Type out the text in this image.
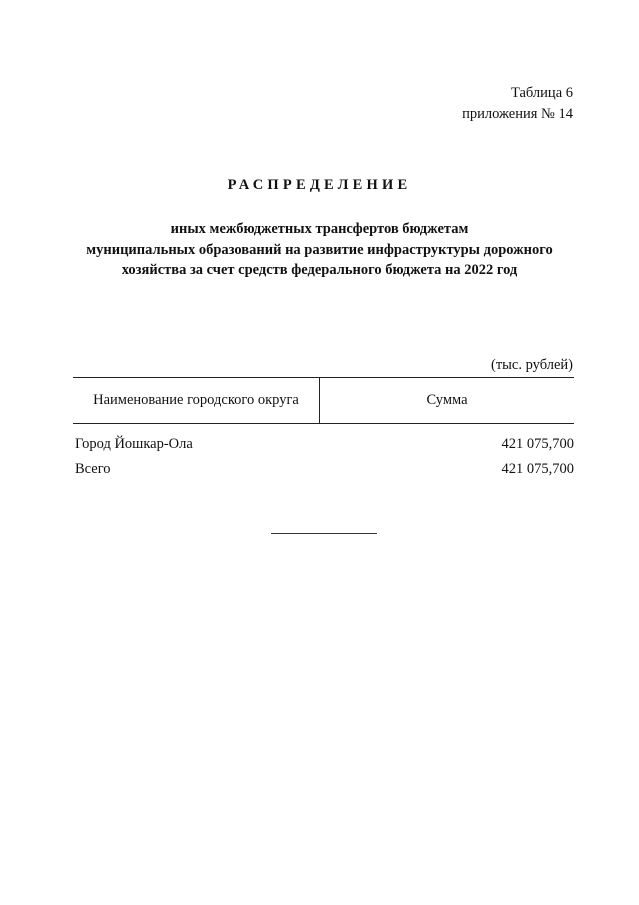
Таблица 6
приложения № 14
РАСПРЕДЕЛЕНИЕ
иных межбюджетных трансфертов бюджетам
муниципальных образований на развитие инфраструктуры дорожного
хозяйства за счет средств федерального бюджета на 2022 год
(тыс. рублей)
Наименование городского округа	Сумма
Город Йошкар-Ола	421 075,700
Всего	421 075,700
